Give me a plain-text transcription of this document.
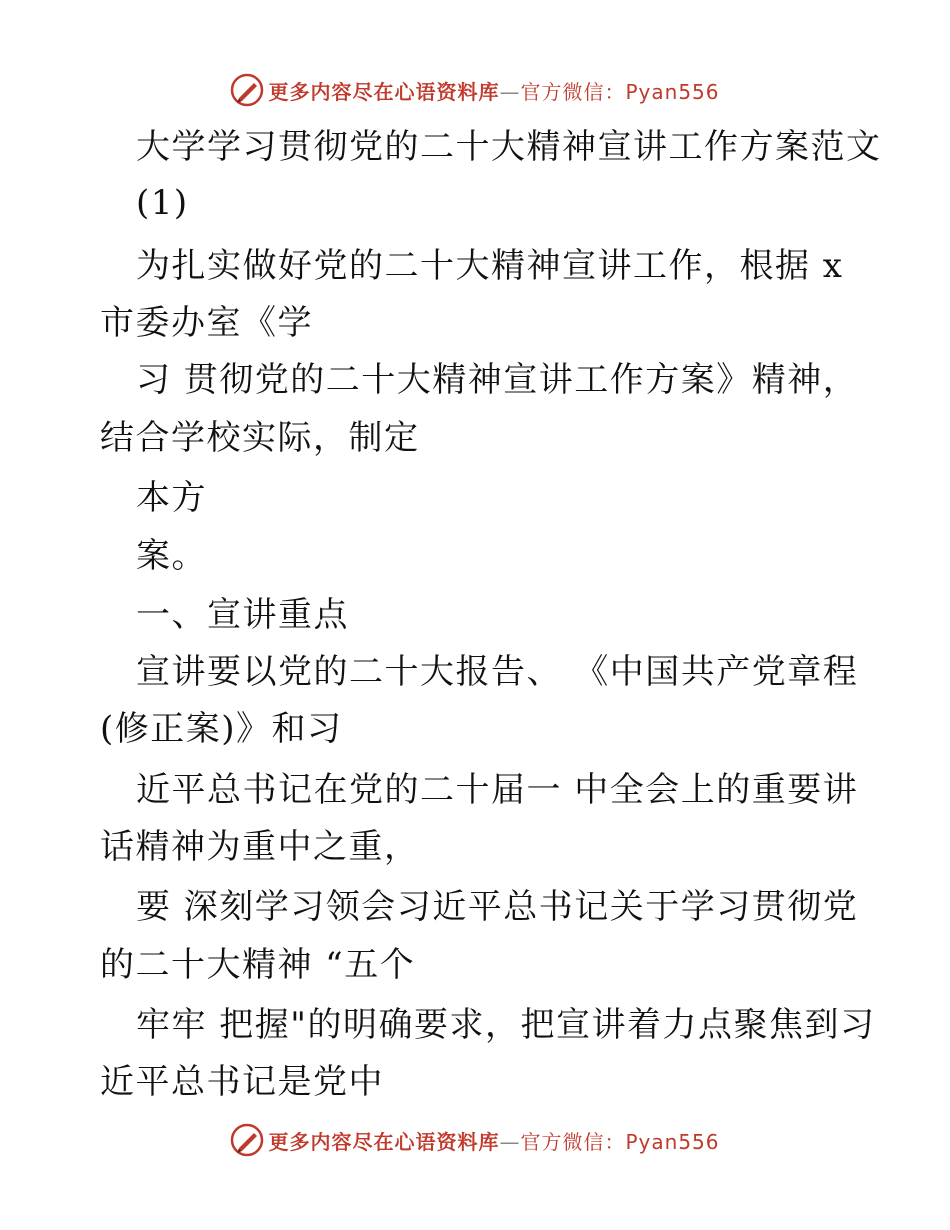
更多内容尽在心语资料库—官方微信：Pyan556
大学学习贯彻党的二十大精神宣讲工作方案范文
(1)
为扎实做好党的二十大精神宣讲工作，根据 x
市委办室《学
习 贯彻党的二十大精神宣讲工作方案》精神，
结合学校实际，制定
本方
案。
一、宣讲重点
宣讲要以党的二十大报告、 《中国共产党章程
(修正案)》和习
近平总书记在党的二十届一 中全会上的重要讲
话精神为重中之重，
要 深刻学习领会习近平总书记关于学习贯彻党
的二十大精神 “五个
牢牢 把握"的明确要求，把宣讲着力点聚焦到习
近平总书记是党中
更多内容尽在心语资料库—官方微信：Pyan556
